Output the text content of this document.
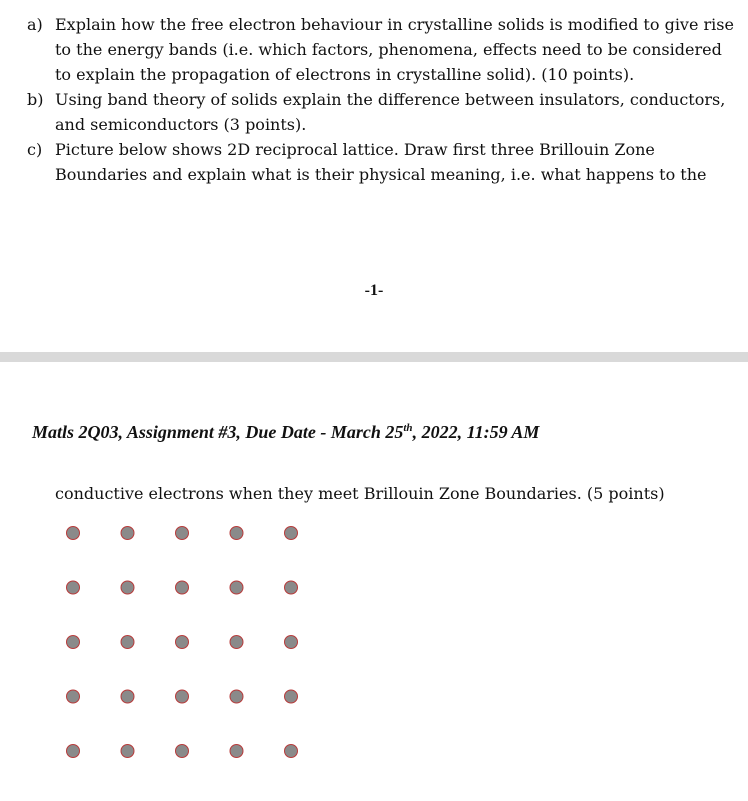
a) Explain how the free electron behaviour in crystalline solids is modified to give rise to the energy bands (i.e. which factors, phenomena, effects need to be considered to explain the propagation of electrons in crystalline solid). (10 points).
b) Using band theory of solids explain the difference between insulators, conductors, and semiconductors (3 points).
c) Picture below shows 2D reciprocal lattice. Draw first three Brillouin Zone Boundaries and explain what is their physical meaning, i.e. what happens to the
-1-
Matls 2Q03, Assignment #3, Due Date - March 25th, 2022, 11:59 AM
conductive electrons when they meet Brillouin Zone Boundaries. (5 points)
